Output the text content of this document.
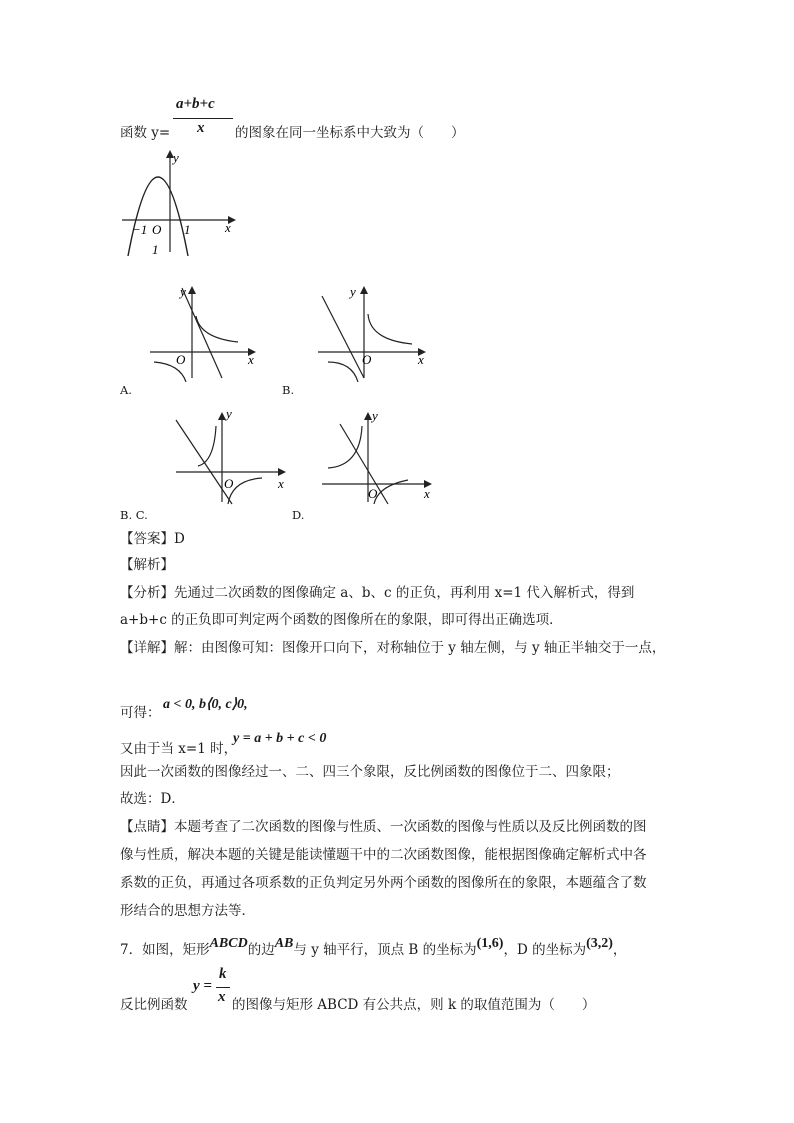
函数 y=
a+b+c
x 的图象在同一坐标系中大致为（　　）
y
x
O
−1	1
1
y
x
O
A.
y
x
O
B.
y
x
O
B. C.
y
x
O
D.
【答案】D
【解析】
【分析】先通过二次函数的图像确定 a、b、c 的正负，再利用 x=1 代入解析式，得到
a+b+c 的正负即可判定两个函数的图像所在的象限，即可得出正确选项．
【详解】解：由图像可知：图像开口向下，对称轴位于 y 轴左侧，与 y 轴正半轴交于一点，
可得：
a < 0, b⟨0, c⟩0,
又由于当 x=1 时，
y = a + b + c < 0
因此一次函数的图像经过一、二、四三个象限，反比例函数的图像位于二、四象限；
故选：D．
【点睛】本题考查了二次函数的图像与性质、一次函数的图像与性质以及反比例函数的图
像与性质，解决本题的关键是能读懂题干中的二次函数图像，能根据图像确定解析式中各
系数的正负，再通过各项系数的正负判定另外两个函数的图像所在的象限，本题蕴含了数
形结合的思想方法等．
7．如图，矩形ABCD的边AB与 y 轴平行，顶点 B 的坐标为(1,6)，D 的坐标为(3,2)，
反比例函数
y =
k
x 的图像与矩形 ABCD 有公共点，则 k 的取值范围为（　　）
